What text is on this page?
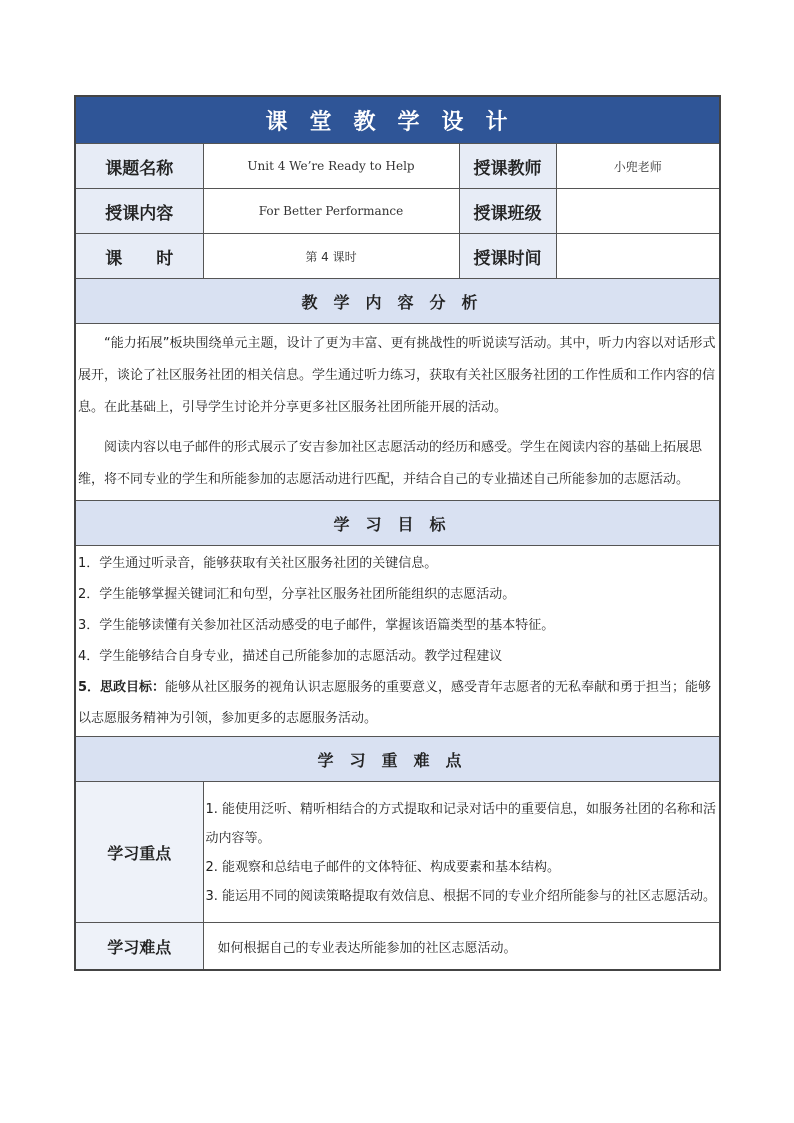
课堂教学设计			
课题名称	Unit 4 We’re Ready to Help	授课教师	小兜老师
授课内容	For Better Performance	授课班级	
课　　时	第 4 课时	授课时间	
教学内容分析			

“能力拓展”板块围绕单元主题，设计了更为丰富、更有挑战性的听说读写活动。其中，听力内容以对话形式展开，谈论了社区服务社团的相关信息。学生通过听力练习，获取有关社区服务社团的工作性质和工作内容的信息。在此基础上，引导学生讨论并分享更多社区服务社团所能开展的活动。

阅读内容以电子邮件的形式展示了安吉参加社区志愿活动的经历和感受。学生在阅读内容的基础上拓展思维，将不同专业的学生和所能参加的志愿活动进行匹配，并结合自己的专业描述自己所能参加的志愿活动。			

学习目标			

1．学生通过听录音，能够获取有关社区服务社团的关键信息。

2．学生能够掌握关键词汇和句型，分享社区服务社团所能组织的志愿活动。

3．学生能够读懂有关参加社区活动感受的电子邮件，掌握该语篇类型的基本特征。

4．学生能够结合自身专业，描述自己所能参加的志愿活动。教学过程建议

5．思政目标：能够从社区服务的视角认识志愿服务的重要意义，感受青年志愿者的无私奉献和勇于担当；能够以志愿服务精神为引领，参加更多的志愿服务活动。			

学习重难点			
学习重点	1. 能使用泛听、精听相结合的方式提取和记录对话中的重要信息，如服务社团的名称和活动内容等。

2. 能观察和总结电子邮件的文体特征、构成要素和基本结构。

3. 能运用不同的阅读策略提取有效信息、根据不同的专业介绍所能参与的社区志愿活动。		

学习难点	如何根据自己的专业表达所能参加的社区志愿活动。		
